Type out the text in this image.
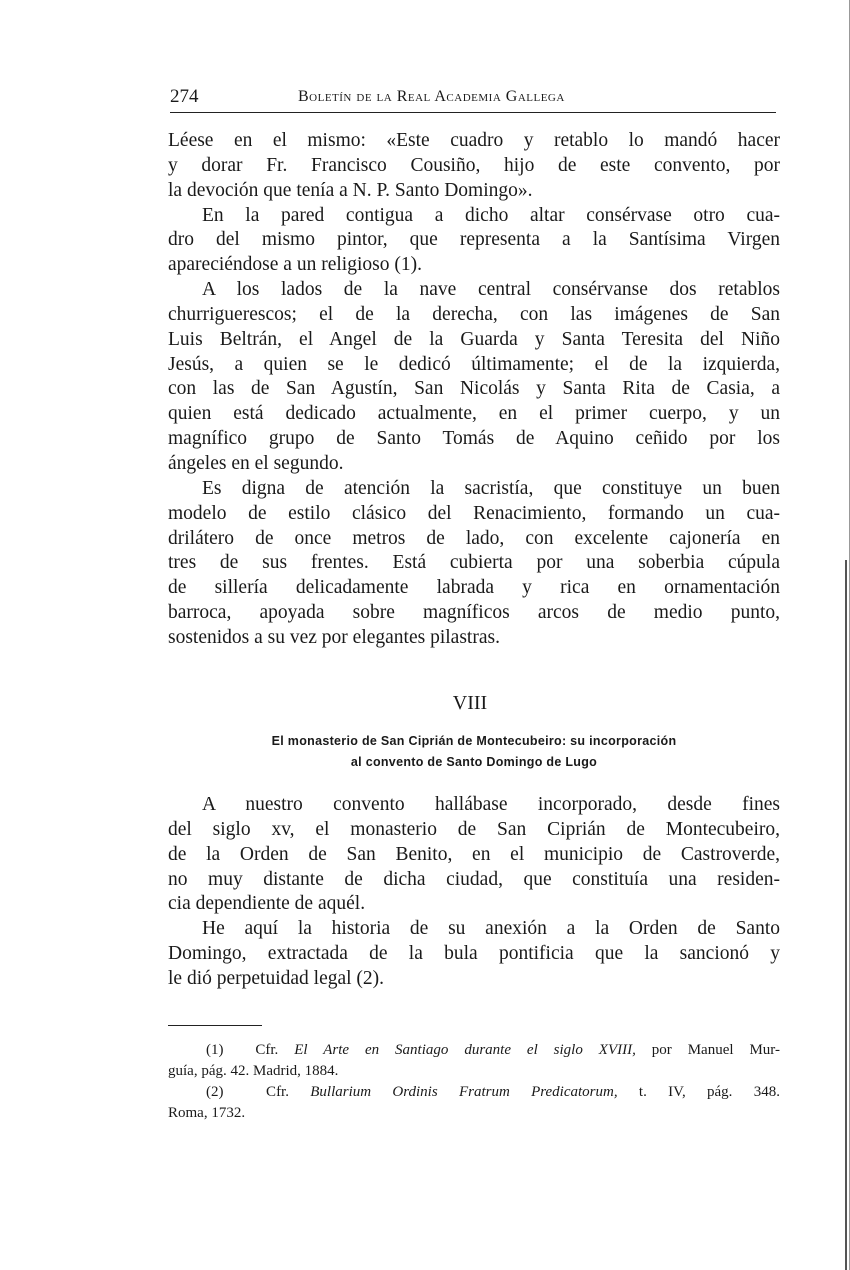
274	Boletín de la Real Academia Gallega
Léese en el mismo: «Este cuadro y retablo lo mandó hacer
y dorar Fr. Francisco Cousiño, hijo de este convento, por
la devoción que tenía a N. P. Santo Domingo».
En la pared contigua a dicho altar consérvase otro cua-
dro del mismo pintor, que representa a la Santísima Virgen
apareciéndose a un religioso (1).
A los lados de la nave central consérvanse dos retablos
churriguerescos; el de la derecha, con las imágenes de San
Luis Beltrán, el Angel de la Guarda y Santa Teresita del Niño
Jesús, a quien se le dedicó últimamente; el de la izquierda,
con las de San Agustín, San Nicolás y Santa Rita de Casia, a
quien está dedicado actualmente, en el primer cuerpo, y un
magnífico grupo de Santo Tomás de Aquino ceñido por los
ángeles en el segundo.
Es digna de atención la sacristía, que constituye un buen
modelo de estilo clásico del Renacimiento, formando un cua-
drilátero de once metros de lado, con excelente cajonería en
tres de sus frentes. Está cubierta por una soberbia cúpula
de sillería delicadamente labrada y rica en ornamentación
barroca, apoyada sobre magníficos arcos de medio punto,
sostenidos a su vez por elegantes pilastras.
VIII
El monasterio de San Ciprián de Montecubeiro: su incorporación
al convento de Santo Domingo de Lugo
A nuestro convento hallábase incorporado, desde fines
del siglo xv, el monasterio de San Ciprián de Montecubeiro,
de la Orden de San Benito, en el municipio de Castroverde,
no muy distante de dicha ciudad, que constituía una residen-
cia dependiente de aquél.
He aquí la historia de su anexión a la Orden de Santo
Domingo, extractada de la bula pontificia que la sancionó y
le dió perpetuidad legal (2).
(1)  Cfr. El Arte en Santiago durante el siglo XVIII, por Manuel Mur-
guía, pág. 42. Madrid, 1884.
(2)  Cfr. Bullarium Ordinis Fratrum Predicatorum, t. IV, pág. 348.
Roma, 1732.
